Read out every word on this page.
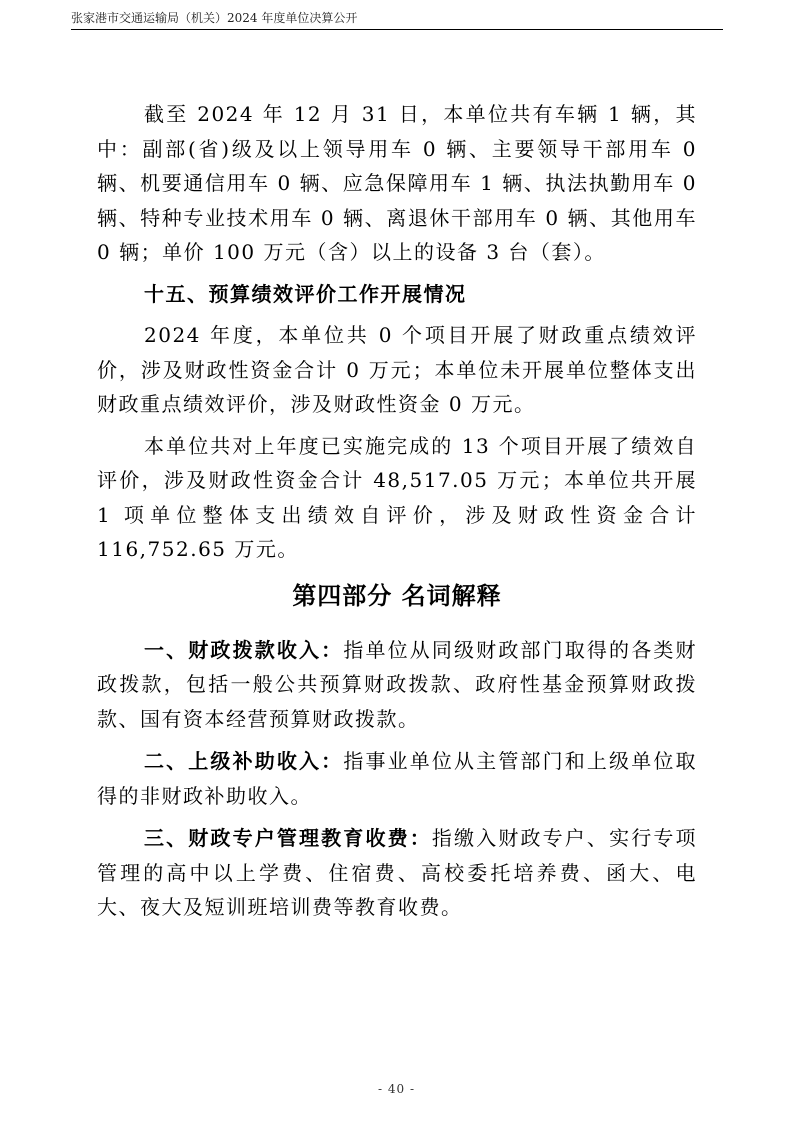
张家港市交通运输局（机关）2024 年度单位决算公开

截至 2024 年 12 月 31 日，本单位共有车辆 1 辆，其中：副部(省)级及以上领导用车 0 辆、主要领导干部用车 0 辆、机要通信用车 0 辆、应急保障用车 1 辆、执法执勤用车 0 辆、特种专业技术用车 0 辆、离退休干部用车 0 辆、其他用车 0 辆；单价 100 万元（含）以上的设备 3 台（套）。

十五、预算绩效评价工作开展情况

2024 年度，本单位共 0 个项目开展了财政重点绩效评价，涉及财政性资金合计 0 万元；本单位未开展单位整体支出财政重点绩效评价，涉及财政性资金 0 万元。

本单位共对上年度已实施完成的 13 个项目开展了绩效自评价，涉及财政性资金合计 48,517.05 万元；本单位共开展 1 项单位整体支出绩效自评价，涉及财政性资金合计 116,752.65 万元。

第四部分 名词解释

一、财政拨款收入：指单位从同级财政部门取得的各类财政拨款，包括一般公共预算财政拨款、政府性基金预算财政拨款、国有资本经营预算财政拨款。

二、上级补助收入：指事业单位从主管部门和上级单位取得的非财政补助收入。

三、财政专户管理教育收费：指缴入财政专户、实行专项管理的高中以上学费、住宿费、高校委托培养费、函大、电大、夜大及短训班培训费等教育收费。

- 40 -
